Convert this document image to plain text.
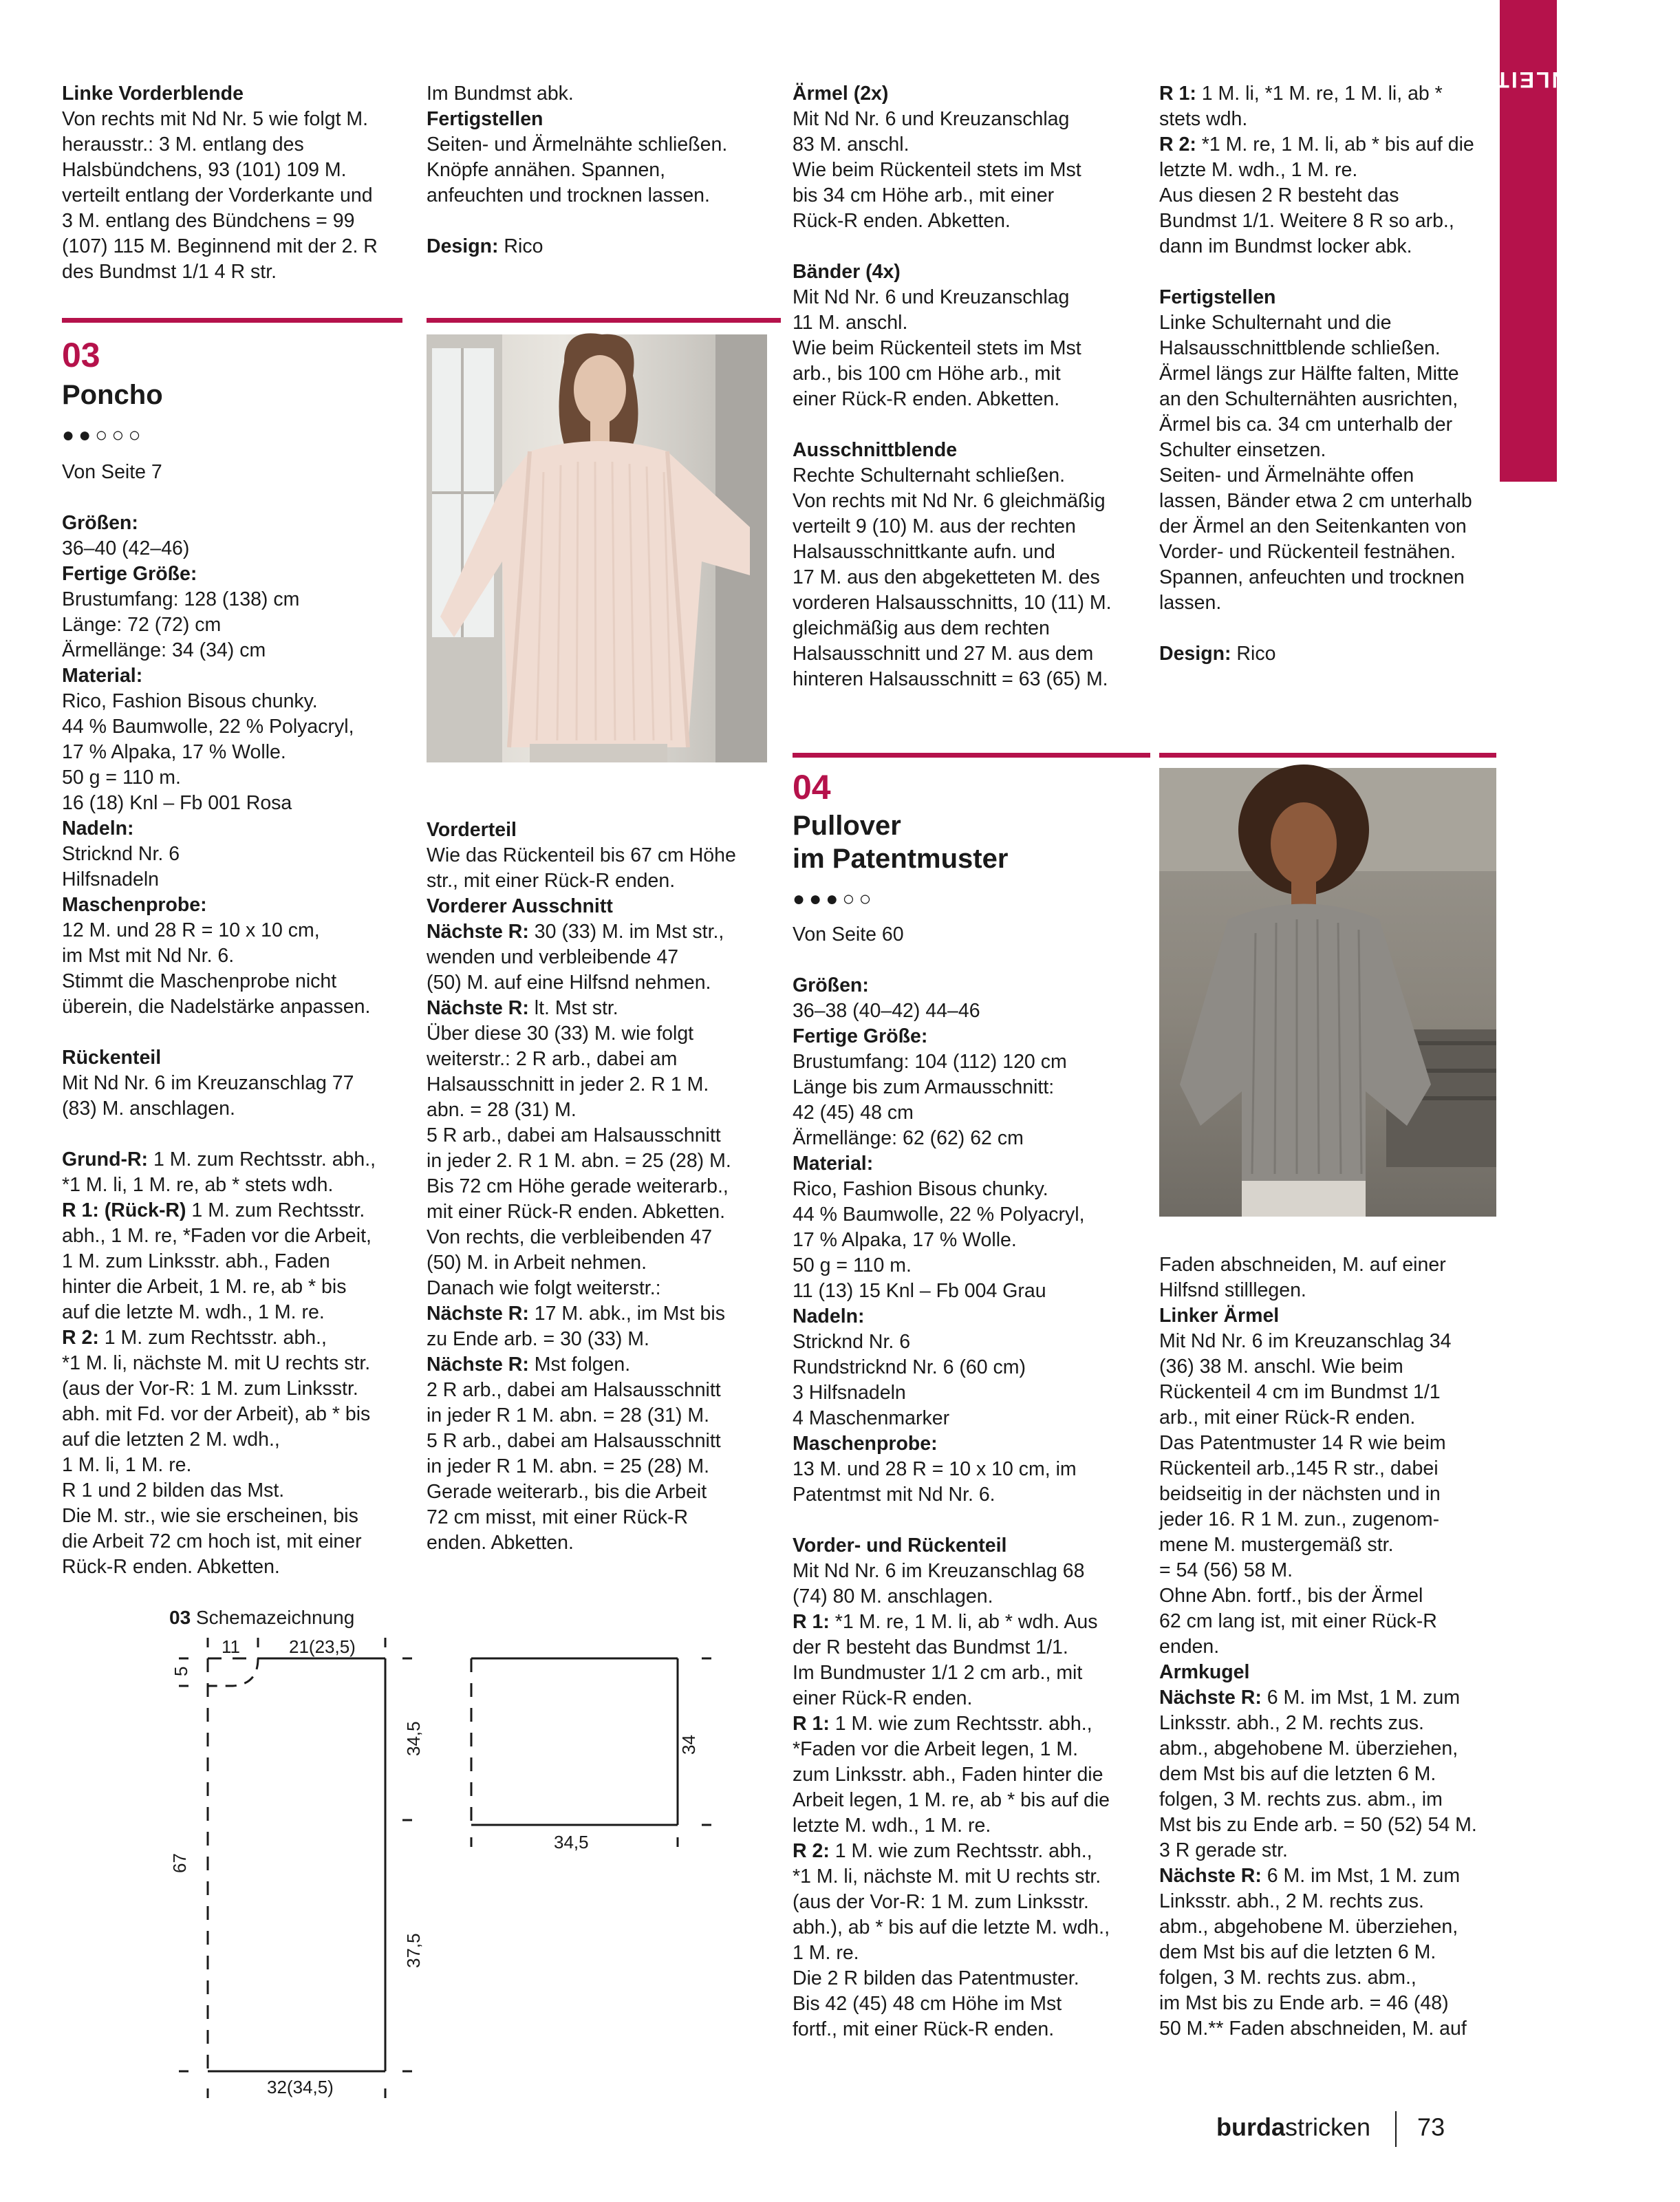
STRICKANLEITUNGEN

Linke Vorderblende

Von rechts mit Nd Nr. 5 wie folgt M.
herausstr.: 3 M. entlang des
Halsbündchens, 93 (101) 109 M.
verteilt entlang der Vorderkante und
3 M. entlang des Bündchens = 99
(107) 115 M. Beginnend mit der 2. R
des Bundmst 1/1 4 R str.

03

Poncho

●●○○○

Von Seite 7

Größen:

36–40 (42–46)

Fertige Größe:

Brustumfang: 128 (138) cm
Länge: 72 (72) cm
Ärmellänge: 34 (34) cm

Material:

Rico, Fashion Bisous chunky.
44 % Baumwolle, 22 % Polyacryl,
17 % Alpaka, 17 % Wolle.
50 g = 110 m.
16 (18) Knl – Fb 001 Rosa

Nadeln:

Stricknd Nr. 6
Hilfsnadeln

Maschenprobe:

12 M. und 28 R = 10 x 10 cm,
im Mst mit Nd Nr. 6.
Stimmt die Maschenprobe nicht
überein, die Nadelstärke anpassen.

Rückenteil

Mit Nd Nr. 6 im Kreuzanschlag 77
(83) M. anschlagen.

Grund-R: 1 M. zum Rechtsstr. abh.,
*1 M. li, 1 M. re, ab * stets wdh.

R 1: (Rück-R) 1 M. zum Rechtsstr.
abh., 1 M. re, *Faden vor die Arbeit,
1 M. zum Linksstr. abh., Faden
hinter die Arbeit, 1 M. re, ab * bis
auf die letzte M. wdh., 1 M. re.

R 2: 1 M. zum Rechtsstr. abh.,
*1 M. li, nächste M. mit U rechts str.
(aus der Vor-R: 1 M. zum Linksstr.
abh. mit Fd. vor der Arbeit), ab * bis
auf die letzten 2 M. wdh.,
1 M. li, 1 M. re.
R 1 und 2 bilden das Mst.
Die M. str., wie sie erscheinen, bis
die Arbeit 72 cm hoch ist, mit einer
Rück-R enden. Abketten.

03 Schemazeichnung
11	21(23,5)
5
67
34,5
37,5
32(34,5)
34
34,5

Im Bundmst abk.

Fertigstellen

Seiten- und Ärmelnähte schließen.
Knöpfe annähen. Spannen,
anfeuchten und trocknen lassen.

Design: Rico

Vorderteil

Wie das Rückenteil bis 67 cm Höhe
str., mit einer Rück-R enden.

Vorderer Ausschnitt

Nächste R: 30 (33) M. im Mst str.,
wenden und verbleibende 47
(50) M. auf eine Hilfsnd nehmen.

Nächste R: lt. Mst str.
Über diese 30 (33) M. wie folgt
weiterstr.: 2 R arb., dabei am
Halsausschnitt in jeder 2. R 1 M.
abn. = 28 (31) M.
5 R arb., dabei am Halsausschnitt
in jeder 2. R 1 M. abn. = 25 (28) M.
Bis 72 cm Höhe gerade weiterarb.,
mit einer Rück-R enden. Abketten.
Von rechts, die verbleibenden 47
(50) M. in Arbeit nehmen.
Danach wie folgt weiterstr.:

Nächste R: 17 M. abk., im Mst bis
zu Ende arb. = 30 (33) M.

Nächste R: Mst folgen.
2 R arb., dabei am Halsausschnitt
in jeder R 1 M. abn. = 28 (31) M.
5 R arb., dabei am Halsausschnitt
in jeder R 1 M. abn. = 25 (28) M.
Gerade weiterarb., bis die Arbeit
72 cm misst, mit einer Rück-R
enden. Abketten.

Ärmel (2x)

Mit Nd Nr. 6 und Kreuzanschlag
83 M. anschl.
Wie beim Rückenteil stets im Mst
bis 34 cm Höhe arb., mit einer
Rück-R enden. Abketten.

Bänder (4x)

Mit Nd Nr. 6 und Kreuzanschlag
11 M. anschl.
Wie beim Rückenteil stets im Mst
arb., bis 100 cm Höhe arb., mit
einer Rück-R enden. Abketten.

Ausschnittblende

Rechte Schulternaht schließen.
Von rechts mit Nd Nr. 6 gleichmäßig
verteilt 9 (10) M. aus der rechten
Halsausschnittkante aufn. und
17 M. aus den abgeketteten M. des
vorderen Halsausschnitts, 10 (11) M.
gleichmäßig aus dem rechten
Halsausschnitt und 27 M. aus dem
hinteren Halsausschnitt = 63 (65) M.

04

Pullover

im Patentmuster

●●●○○

Von Seite 60

Größen:

36–38 (40–42) 44–46

Fertige Größe:

Brustumfang: 104 (112) 120 cm
Länge bis zum Armausschnitt:
42 (45) 48 cm
Ärmellänge: 62 (62) 62 cm

Material:

Rico, Fashion Bisous chunky.
44 % Baumwolle, 22 % Polyacryl,
17 % Alpaka, 17 % Wolle.
50 g = 110 m.
11 (13) 15 Knl – Fb 004 Grau

Nadeln:

Stricknd Nr. 6
Rundstricknd Nr. 6 (60 cm)
3 Hilfsnadeln
4 Maschenmarker

Maschenprobe:

13 M. und 28 R = 10 x 10 cm, im
Patentmst mit Nd Nr. 6.

Vorder- und Rückenteil

Mit Nd Nr. 6 im Kreuzanschlag 68
(74) 80 M. anschlagen.

R 1: *1 M. re, 1 M. li, ab * wdh. Aus
der R besteht das Bundmst 1/1.
Im Bundmuster 1/1 2 cm arb., mit
einer Rück-R enden.

R 1: 1 M. wie zum Rechtsstr. abh.,
*Faden vor die Arbeit legen, 1 M.
zum Linksstr. abh., Faden hinter die
Arbeit legen, 1 M. re, ab * bis auf die
letzte M. wdh., 1 M. re.

R 2: 1 M. wie zum Rechtsstr. abh.,
*1 M. li, nächste M. mit U rechts str.
(aus der Vor-R: 1 M. zum Linksstr.
abh.), ab * bis auf die letzte M. wdh.,
1 M. re.
Die 2 R bilden das Patentmuster.
Bis 42 (45) 48 cm Höhe im Mst
fortf., mit einer Rück-R enden.

R 1: 1 M. li, *1 M. re, 1 M. li, ab *
stets wdh.

R 2: *1 M. re, 1 M. li, ab * bis auf die
letzte M. wdh., 1 M. re.
Aus diesen 2 R besteht das
Bundmst 1/1. Weitere 8 R so arb.,
dann im Bundmst locker abk.

Fertigstellen

Linke Schulternaht und die
Halsausschnittblende schließen.
Ärmel längs zur Hälfte falten, Mitte
an den Schulternähten ausrichten,
Ärmel bis ca. 34 cm unterhalb der
Schulter einsetzen.
Seiten- und Ärmelnähte offen
lassen, Bänder etwa 2 cm unterhalb
der Ärmel an den Seitenkanten von
Vorder- und Rückenteil festnähen.
Spannen, anfeuchten und trocknen
lassen.

Design: Rico

Faden abschneiden, M. auf einer
Hilfsnd stilllegen.

Linker Ärmel

Mit Nd Nr. 6 im Kreuzanschlag 34
(36) 38 M. anschl. Wie beim
Rückenteil 4 cm im Bundmst 1/1
arb., mit einer Rück-R enden.
Das Patentmuster 14 R wie beim
Rückenteil arb.,145 R str., dabei
beidseitig in der nächsten und in
jeder 16. R 1 M. zun., zugenom-
mene M. mustergemäß str.
= 54 (56) 58 M.
Ohne Abn. fortf., bis der Ärmel
62 cm lang ist, mit einer Rück-R
enden.

Armkugel

Nächste R: 6 M. im Mst, 1 M. zum
Linksstr. abh., 2 M. rechts zus.
abm., abgehobene M. überziehen,
dem Mst bis auf die letzten 6 M.
folgen, 3 M. rechts zus. abm., im
Mst bis zu Ende arb. = 50 (52) 54 M.
3 R gerade str.

Nächste R: 6 M. im Mst, 1 M. zum
Linksstr. abh., 2 M. rechts zus.
abm., abgehobene M. überziehen,
dem Mst bis auf die letzten 6 M.
folgen, 3 M. rechts zus. abm.,
im Mst bis zu Ende arb. = 46 (48)
50 M.** Faden abschneiden, M. auf

burdastricken 73
